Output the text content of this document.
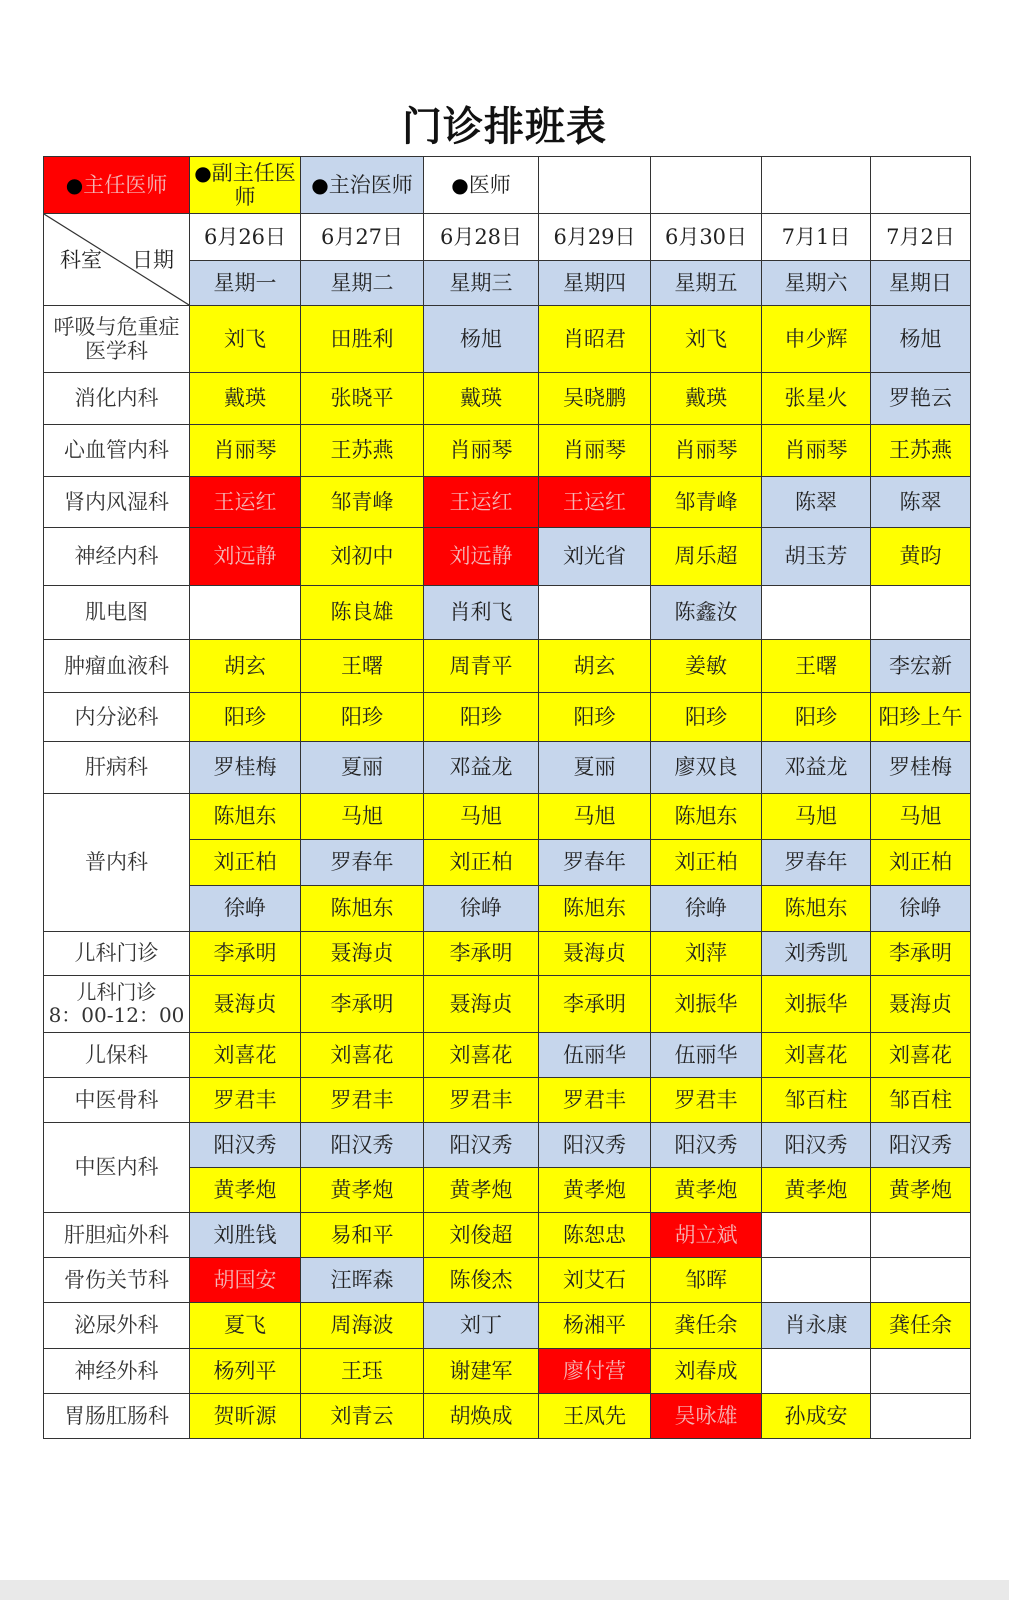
门诊排班表
●主任医师	●副主任医师	●主治医师	●医师				

科室 日期	6月26日	6月27日	6月28日	6月29日	6月30日	7月1日	7月2日
	星期一	星期二	星期三	星期四	星期五	星期六	星期日
呼吸与危重症医学科	刘飞	田胜利	杨旭	肖昭君	刘飞	申少辉	杨旭
消化内科	戴瑛	张晓平	戴瑛	吴晓鹏	戴瑛	张星火	罗艳云
心血管内科	肖丽琴	王苏燕	肖丽琴	肖丽琴	肖丽琴	肖丽琴	王苏燕
肾内风湿科	王运红	邹青峰	王运红	王运红	邹青峰	陈翠	陈翠
神经内科	刘远静	刘初中	刘远静	刘光省	周乐超	胡玉芳	黄昀
肌电图		陈良雄	肖利飞		陈鑫汝		
肿瘤血液科	胡玄	王曙	周青平	胡玄	姜敏	王曙	李宏新
内分泌科	阳珍	阳珍	阳珍	阳珍	阳珍	阳珍	阳珍上午
肝病科	罗桂梅	夏丽	邓益龙	夏丽	廖双良	邓益龙	罗桂梅
普内科	陈旭东	马旭	马旭	马旭	陈旭东	马旭	马旭
	刘正柏	罗春年	刘正柏	罗春年	刘正柏	罗春年	刘正柏
	徐峥	陈旭东	徐峥	陈旭东	徐峥	陈旭东	徐峥
儿科门诊	李承明	聂海贞	李承明	聂海贞	刘萍	刘秀凯	李承明

儿科门诊
8：00-12：00	聂海贞	李承明	聂海贞	李承明	刘振华	刘振华	聂海贞
儿保科	刘喜花	刘喜花	刘喜花	伍丽华	伍丽华	刘喜花	刘喜花
中医骨科	罗君丰	罗君丰	罗君丰	罗君丰	罗君丰	邹百柱	邹百柱
中医内科	阳汉秀	阳汉秀	阳汉秀	阳汉秀	阳汉秀	阳汉秀	阳汉秀
	黄孝炮	黄孝炮	黄孝炮	黄孝炮	黄孝炮	黄孝炮	黄孝炮
肝胆疝外科	刘胜钱	易和平	刘俊超	陈恕忠	胡立斌		
骨伤关节科	胡国安	汪晖森	陈俊杰	刘艾石	邹晖		
泌尿外科	夏飞	周海波	刘丁	杨湘平	龚任余	肖永康	龚任余
神经外科	杨列平	王珏	谢建军	廖付营	刘春成		
胃肠肛肠科	贺昕源	刘青云	胡焕成	王凤先	吴咏雄	孙成安	
